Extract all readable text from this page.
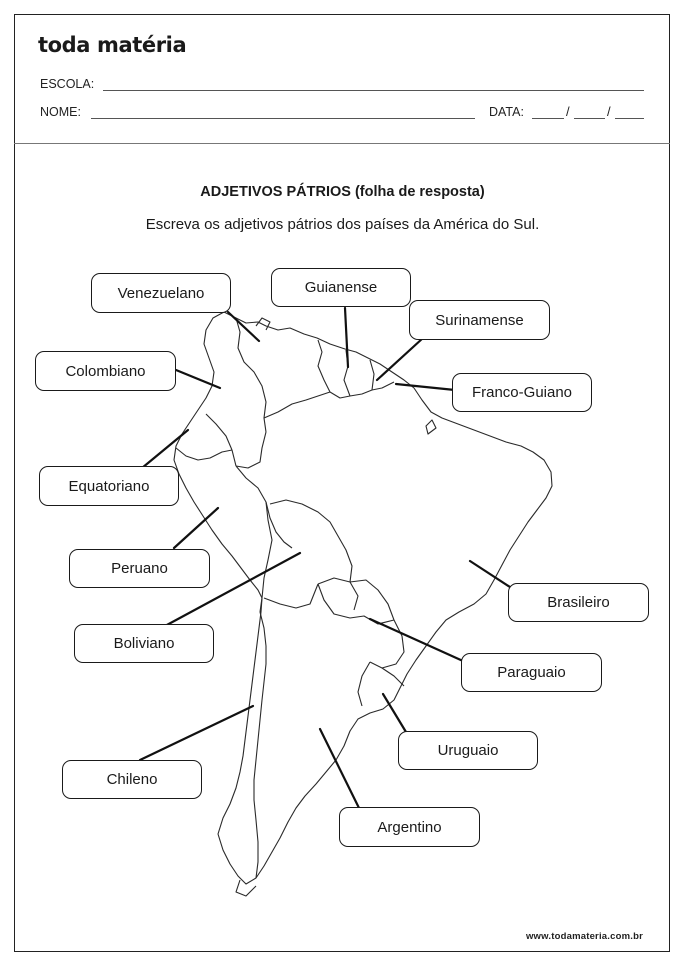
toda matéria
ESCOLA:
NOME:	DATA:	/	/
ADJETIVOS PÁTRIOS (folha de resposta)
Escreva os adjetivos pátrios dos países da América do Sul.
Venezuelano	Guianense
Surinamense
Colombiano
Franco-Guiano
Equatoriano
Peruano
Brasileiro
Boliviano
Paraguaio
Uruguaio
Chileno
Argentino
www.todamateria.com.br
